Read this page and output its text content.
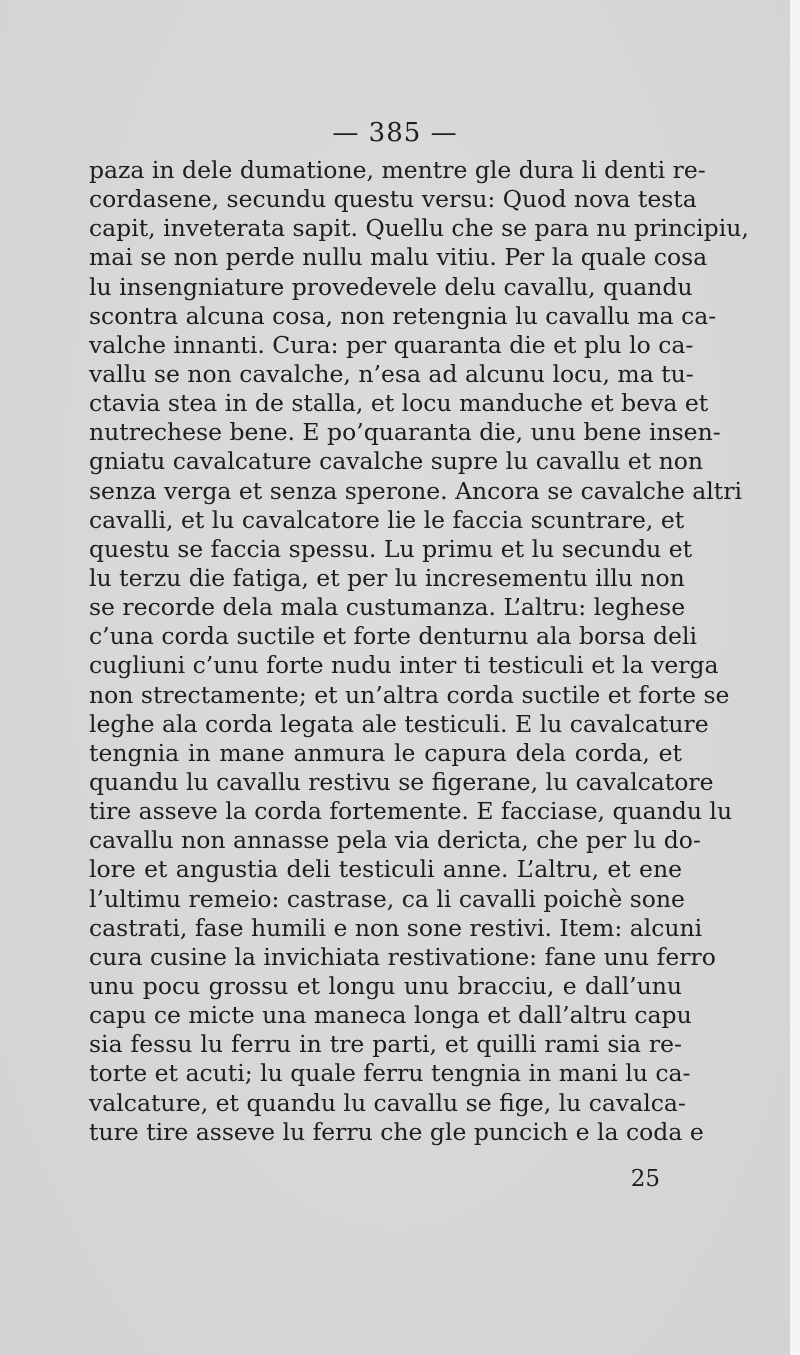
— 385 —
paza in dele dumatione, mentre gle dura li denti re-
cordasene, secundu questu versu: Quod nova testa
capit, inveterata sapit. Quellu che se para nu principiu,
mai se non perde nullu malu vitiu. Per la quale cosa
lu insengniature provedevele delu cavallu, quandu
scontra alcuna cosa, non retengnia lu cavallu ma ca-
valche innanti. Cura: per quaranta die et plu lo ca-
vallu se non cavalche, n’esa ad alcunu locu, ma tu-
ctavia stea in de stalla, et locu manduche et beva et
nutrechese bene. E po’quaranta die, unu bene insen-
gniatu cavalcature cavalche supre lu cavallu et non
senza verga et senza sperone. Ancora se cavalche altri
cavalli, et lu cavalcatore lie le faccia scuntrare, et
questu se faccia spessu. Lu primu et lu secundu et
lu terzu die fatiga, et per lu incresementu illu non
se recorde dela mala custumanza. L’altru: leghese
c’una corda suctile et forte denturnu ala borsa deli
cugliuni c’unu forte nudu inter ti testiculi et la verga
non strectamente; et un’altra corda suctile et forte se
leghe ala corda legata ale testiculi. E lu cavalcature
tengnia in mane anmura le capura dela corda, et
quandu lu cavallu restivu se figerane, lu cavalcatore
tire asseve la corda fortemente. E facciase, quandu lu
cavallu non annasse pela via dericta, che per lu do-
lore et angustia deli testiculi anne. L’altru, et ene
l’ultimu remeio: castrase, ca li cavalli poichè sone
castrati, fase humili e non sone restivi. Item: alcuni
cura cusine la invichiata restivatione: fane unu ferro
unu pocu grossu et longu unu bracciu, e dall’unu
capu ce micte una maneca longa et dall’altru capu
sia fessu lu ferru in tre parti, et quilli rami sia re-
torte et acuti; lu quale ferru tengnia in mani lu ca-
valcature, et quandu lu cavallu se fige, lu cavalca-
ture tire asseve lu ferru che gle puncich e la coda e
25
